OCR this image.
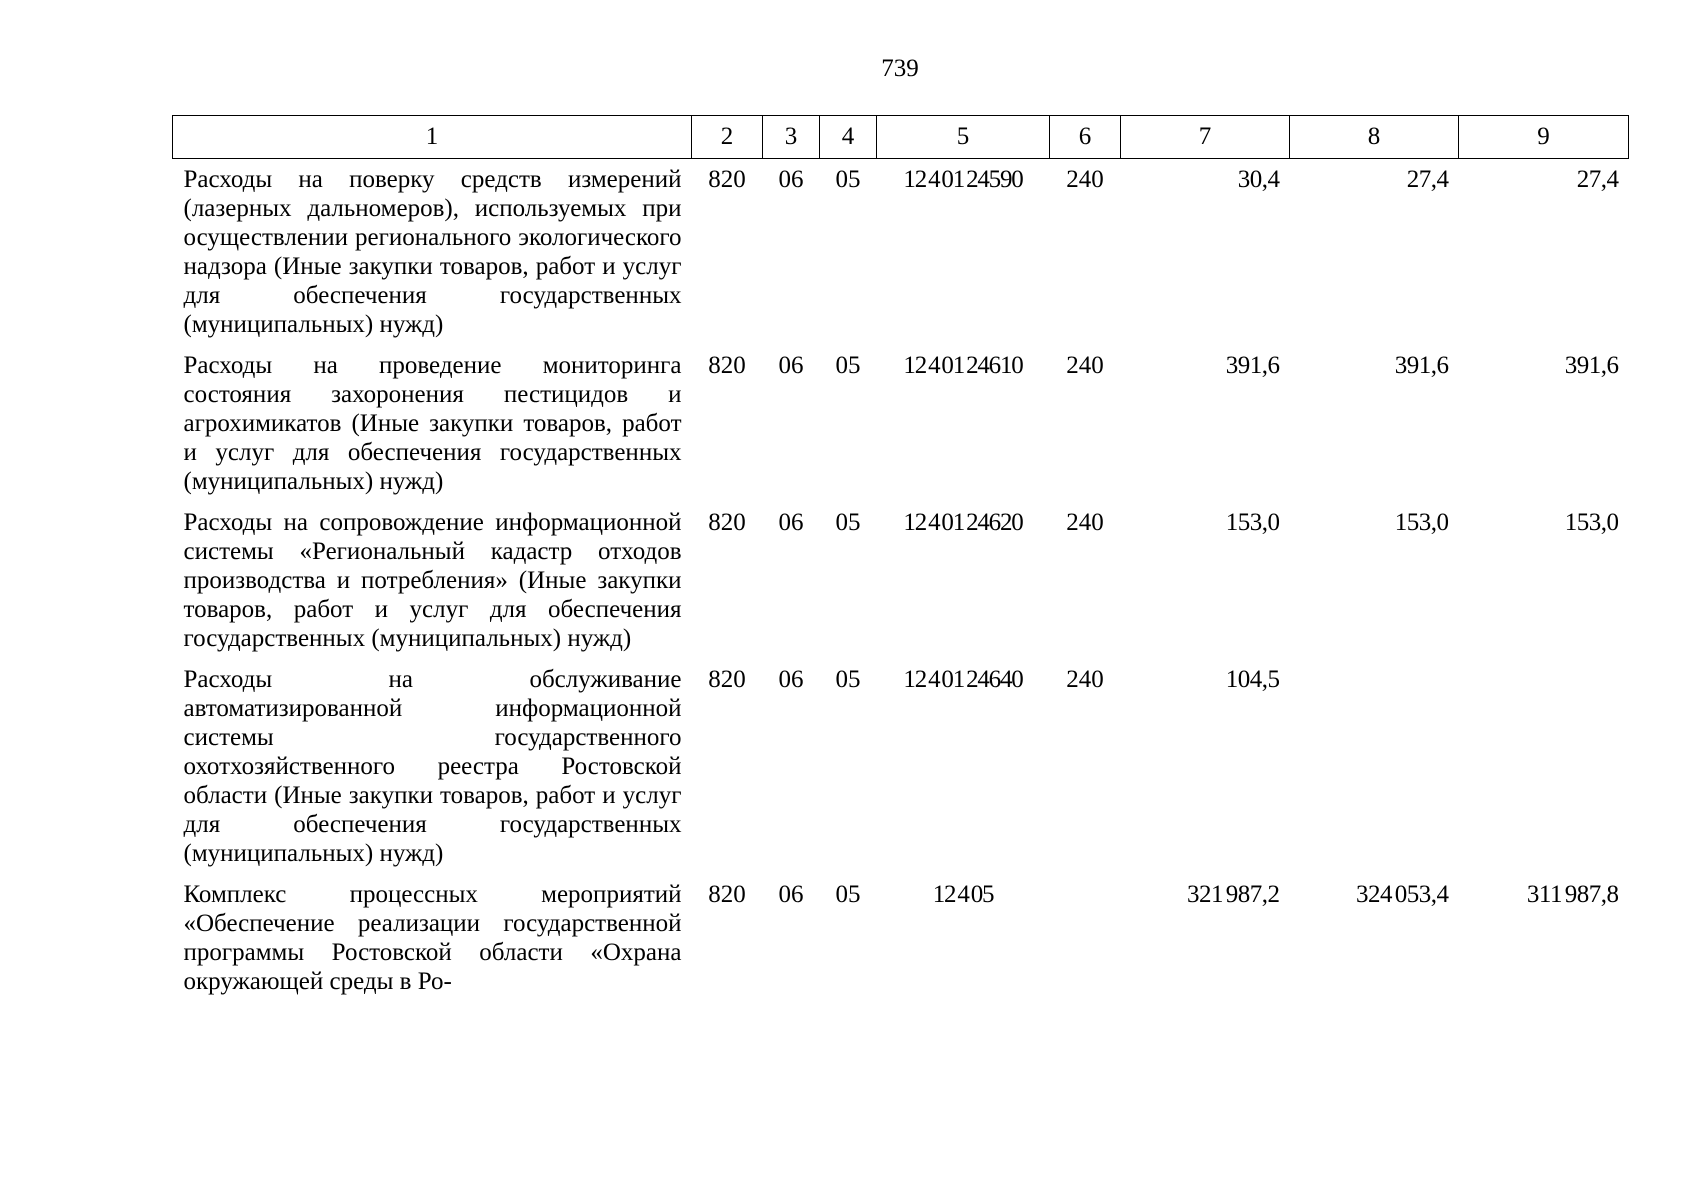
739
1	2	3	4	5	6	7	8	9
Расходы на поверку средств измерений (лазерных дальномеров), используемых при осуществлении регионального экологического надзора (Иные закупки товаров, работ и услуг для обеспечения государственных (муниципальных) нужд)	820	06	05	12 4 01 24590	240	30,4	27,4	27,4
Расходы на проведение мониторинга состояния захоронения пестицидов и агрохимикатов (Иные закупки товаров, работ и услуг для обеспечения государственных (муниципальных) нужд)	820	06	05	12 4 01 24610	240	391,6	391,6	391,6
Расходы на сопровождение информационной системы «Региональный кадастр отходов производства и потребления» (Иные закупки товаров, работ и услуг для обеспечения государственных (муниципальных) нужд)	820	06	05	12 4 01 24620	240	153,0	153,0	153,0
Расходы на обслуживание автоматизированной информационной системы государственного охотхозяйственного реестра Ростовской области (Иные закупки товаров, работ и услуг для обеспечения государственных (муниципальных) нужд)	820	06	05	12 4 01 24640	240	104,5		
Комплекс процессных мероприятий «Обеспечение реализации государственной программы Ростовской области «Охрана окружающей среды в Ро-	820	06	05	12 4 05		321 987,2	324 053,4	311 987,8
